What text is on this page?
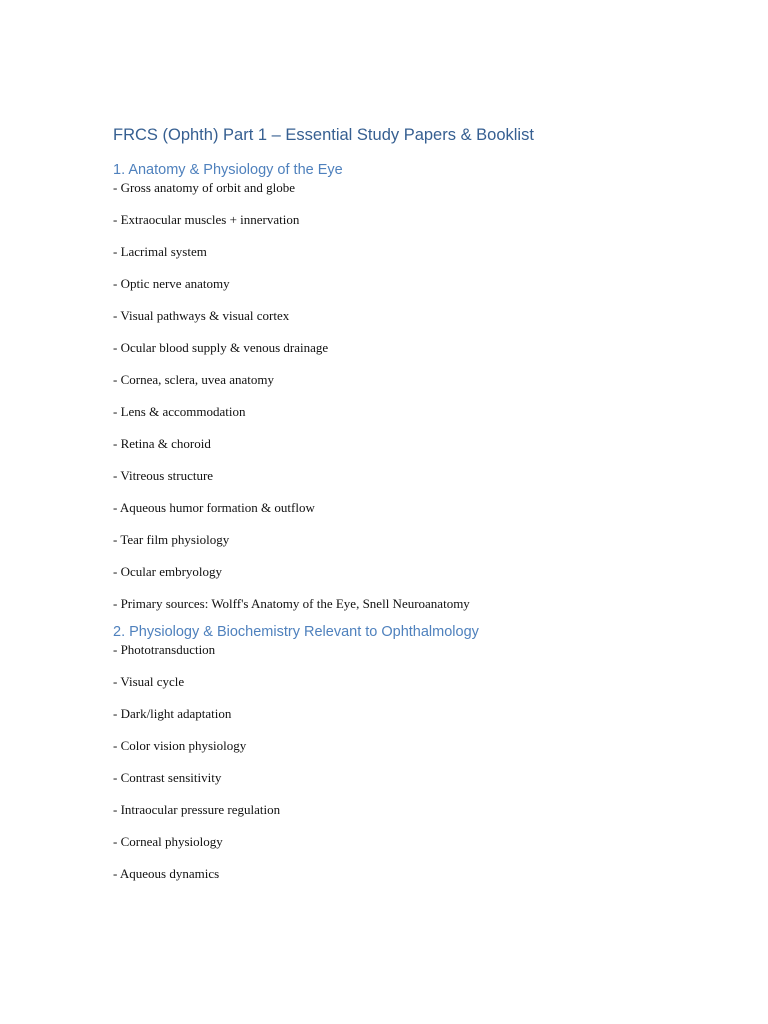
FRCS (Ophth) Part 1 – Essential Study Papers & Booklist
1. Anatomy & Physiology of the Eye
- Gross anatomy of orbit and globe
- Extraocular muscles + innervation
- Lacrimal system
- Optic nerve anatomy
- Visual pathways & visual cortex
- Ocular blood supply & venous drainage
- Cornea, sclera, uvea anatomy
- Lens & accommodation
- Retina & choroid
- Vitreous structure
- Aqueous humor formation & outflow
- Tear film physiology
- Ocular embryology
- Primary sources: Wolff's Anatomy of the Eye, Snell Neuroanatomy
2. Physiology & Biochemistry Relevant to Ophthalmology
- Phototransduction
- Visual cycle
- Dark/light adaptation
- Color vision physiology
- Contrast sensitivity
- Intraocular pressure regulation
- Corneal physiology
- Aqueous dynamics
